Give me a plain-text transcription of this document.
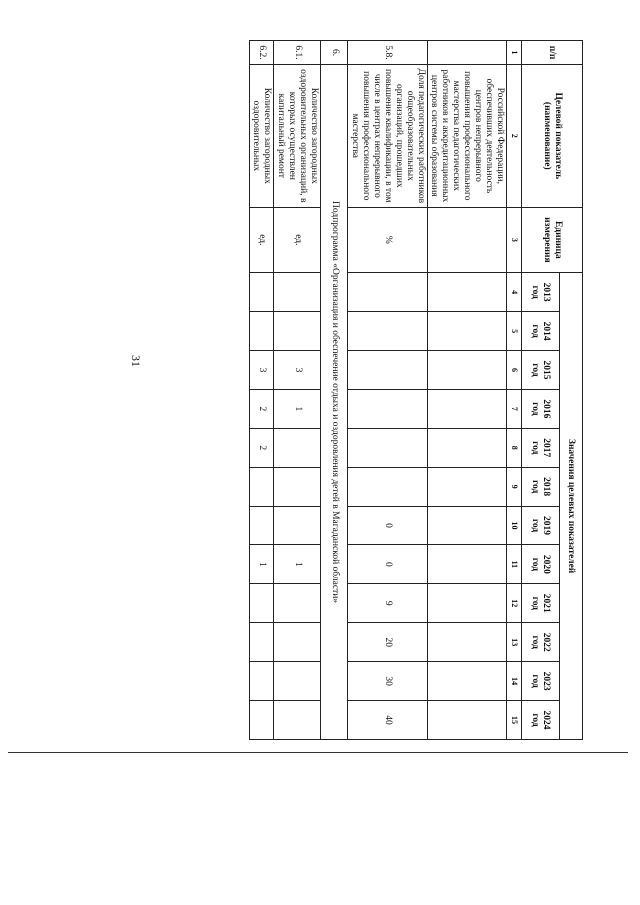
31
п/п	Целевой показатель (наименование)	Единица измерения	Значения целевых показателей											
			2013 год	2014 год	2015 год	2016 год	2017 год	2018 год	2019 год	2020 год	2021 год	2022 год	2023 год	2024 год
1	2	3	4	5	6	7	8	9	10	11	12	13	14	15
	Российской Федерации, обеспечивших деятельность центров непрерывного повышения профессионального мастерства педагогических работников и аккредитационных центров системы образования													
5.8.	Доля педагогических работников общеобразовательных организаций, прошедших повышение квалификации, в том числе в центрах непрерывного повышения профессионального мастерства	%							0	0	9	20	30	40
6.	Подпрограмма «Организация и обеспечение отдыха и оздоровления детей в Магаданской области»													
6.1.	Количество загородных оздоровительных организаций, в которых осуществлен капитальный ремонт	ед.			3	1				1				
6.2.	Количество загородных оздоровительных	ед.			3	2	2			1				
